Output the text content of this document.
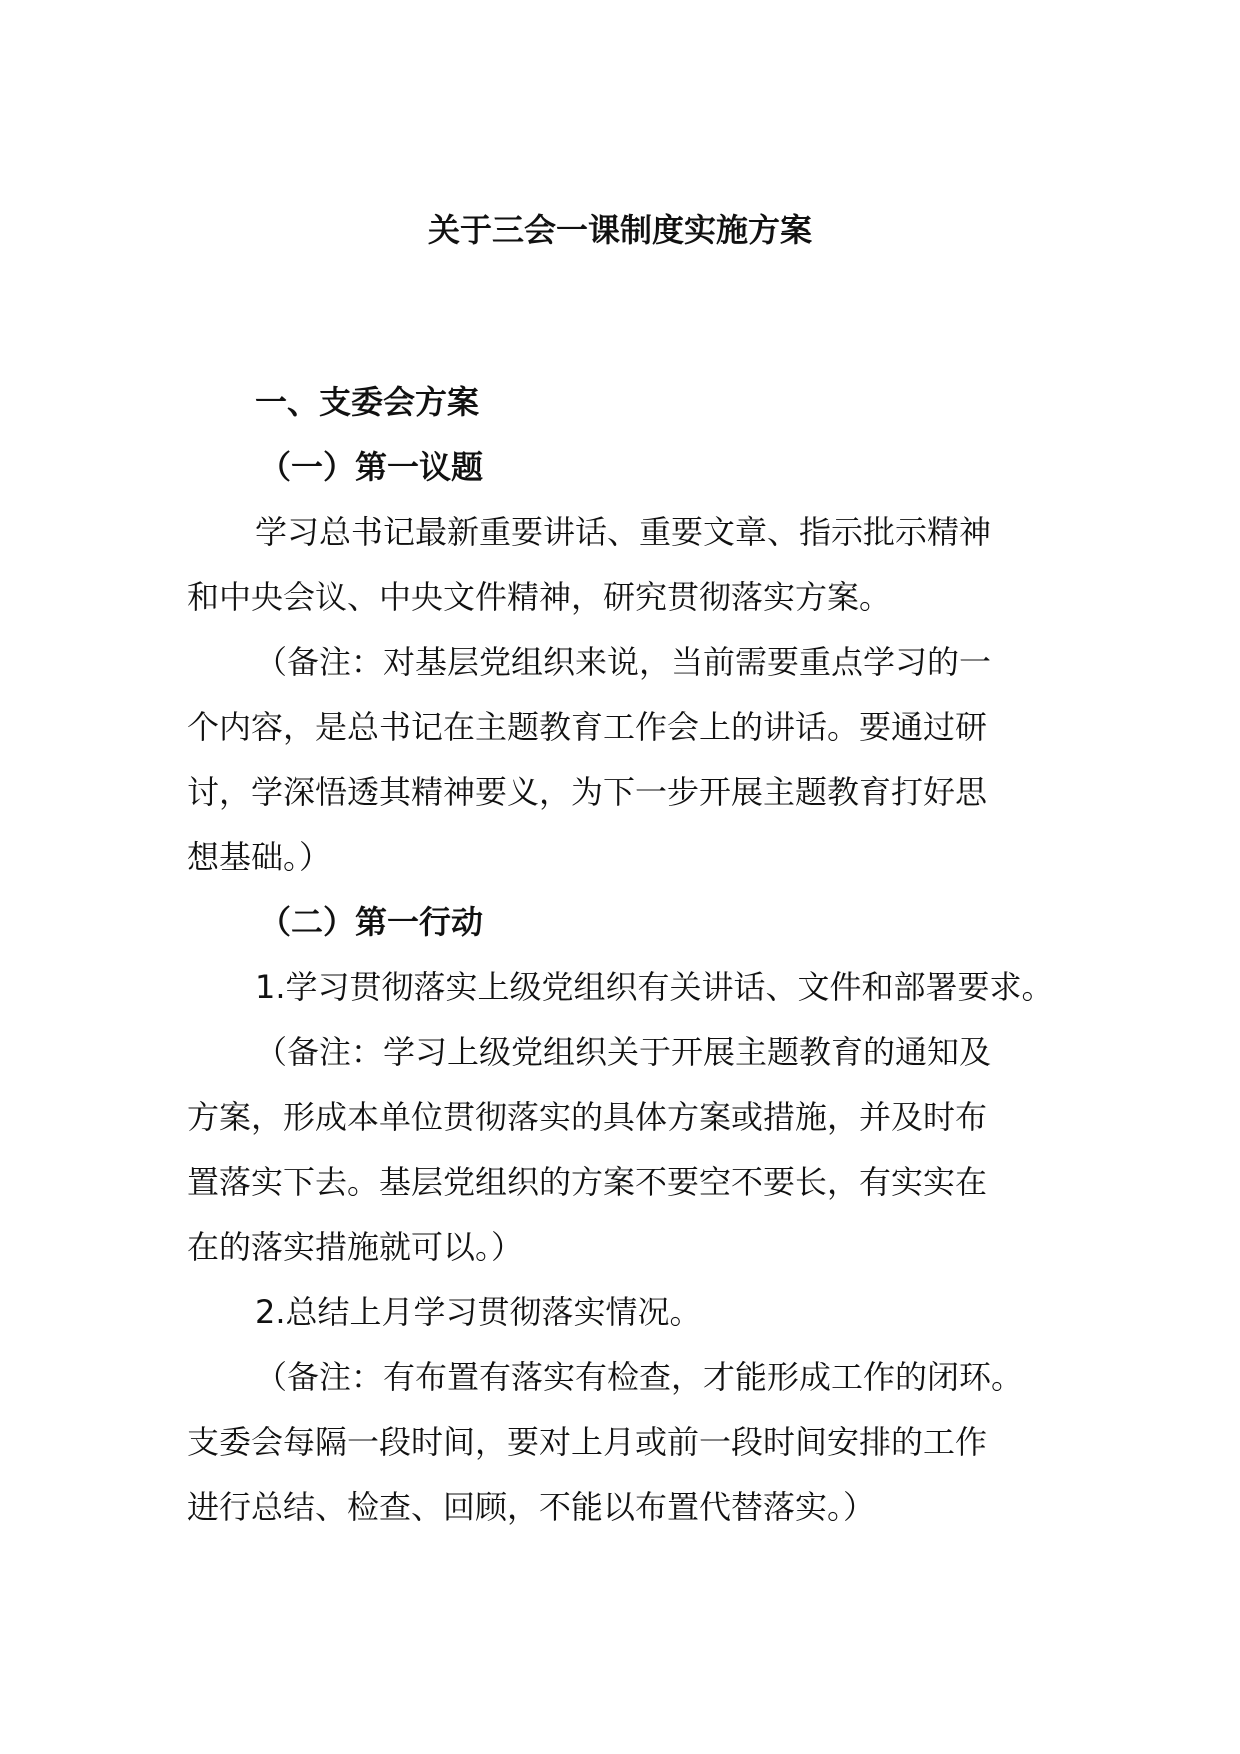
关于三会一课制度实施方案

一、支委会方案

（一）第一议题

学习总书记最新重要讲话、重要文章、指示批示精神

和中央会议、中央文件精神，研究贯彻落实方案。

（备注：对基层党组织来说，当前需要重点学习的一

个内容，是总书记在主题教育工作会上的讲话。要通过研

讨，学深悟透其精神要义，为下一步开展主题教育打好思

想基础。）

（二）第一行动

1.学习贯彻落实上级党组织有关讲话、文件和部署要求。

（备注：学习上级党组织关于开展主题教育的通知及

方案，形成本单位贯彻落实的具体方案或措施，并及时布

置落实下去。基层党组织的方案不要空不要长，有实实在

在的落实措施就可以。）

2.总结上月学习贯彻落实情况。

（备注：有布置有落实有检查，才能形成工作的闭环。

支委会每隔一段时间，要对上月或前一段时间安排的工作

进行总结、检查、回顾，不能以布置代替落实。）
